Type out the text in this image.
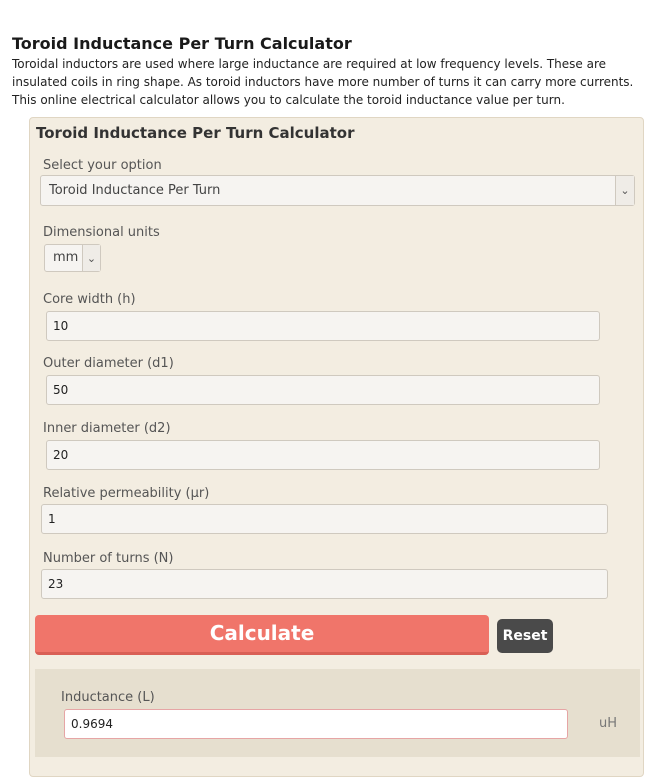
Toroid Inductance Per Turn Calculator
Toroidal inductors are used where large inductance are required at low frequency levels. These are insulated coils in ring shape. As toroid inductors have more number of turns it can carry more currents. This online electrical calculator allows you to calculate the toroid inductance value per turn.
Toroid Inductance Per Turn Calculator
Select your option
Toroid Inductance Per Turn	⌄
Dimensional units
mm ⌄
Core width (h)
10
Outer diameter (d1)
50
Inner diameter (d2)
20
Relative permeability (µr)
1
Number of turns (N)
23
Calculate	Reset
Inductance (L)
0.9694	uH
